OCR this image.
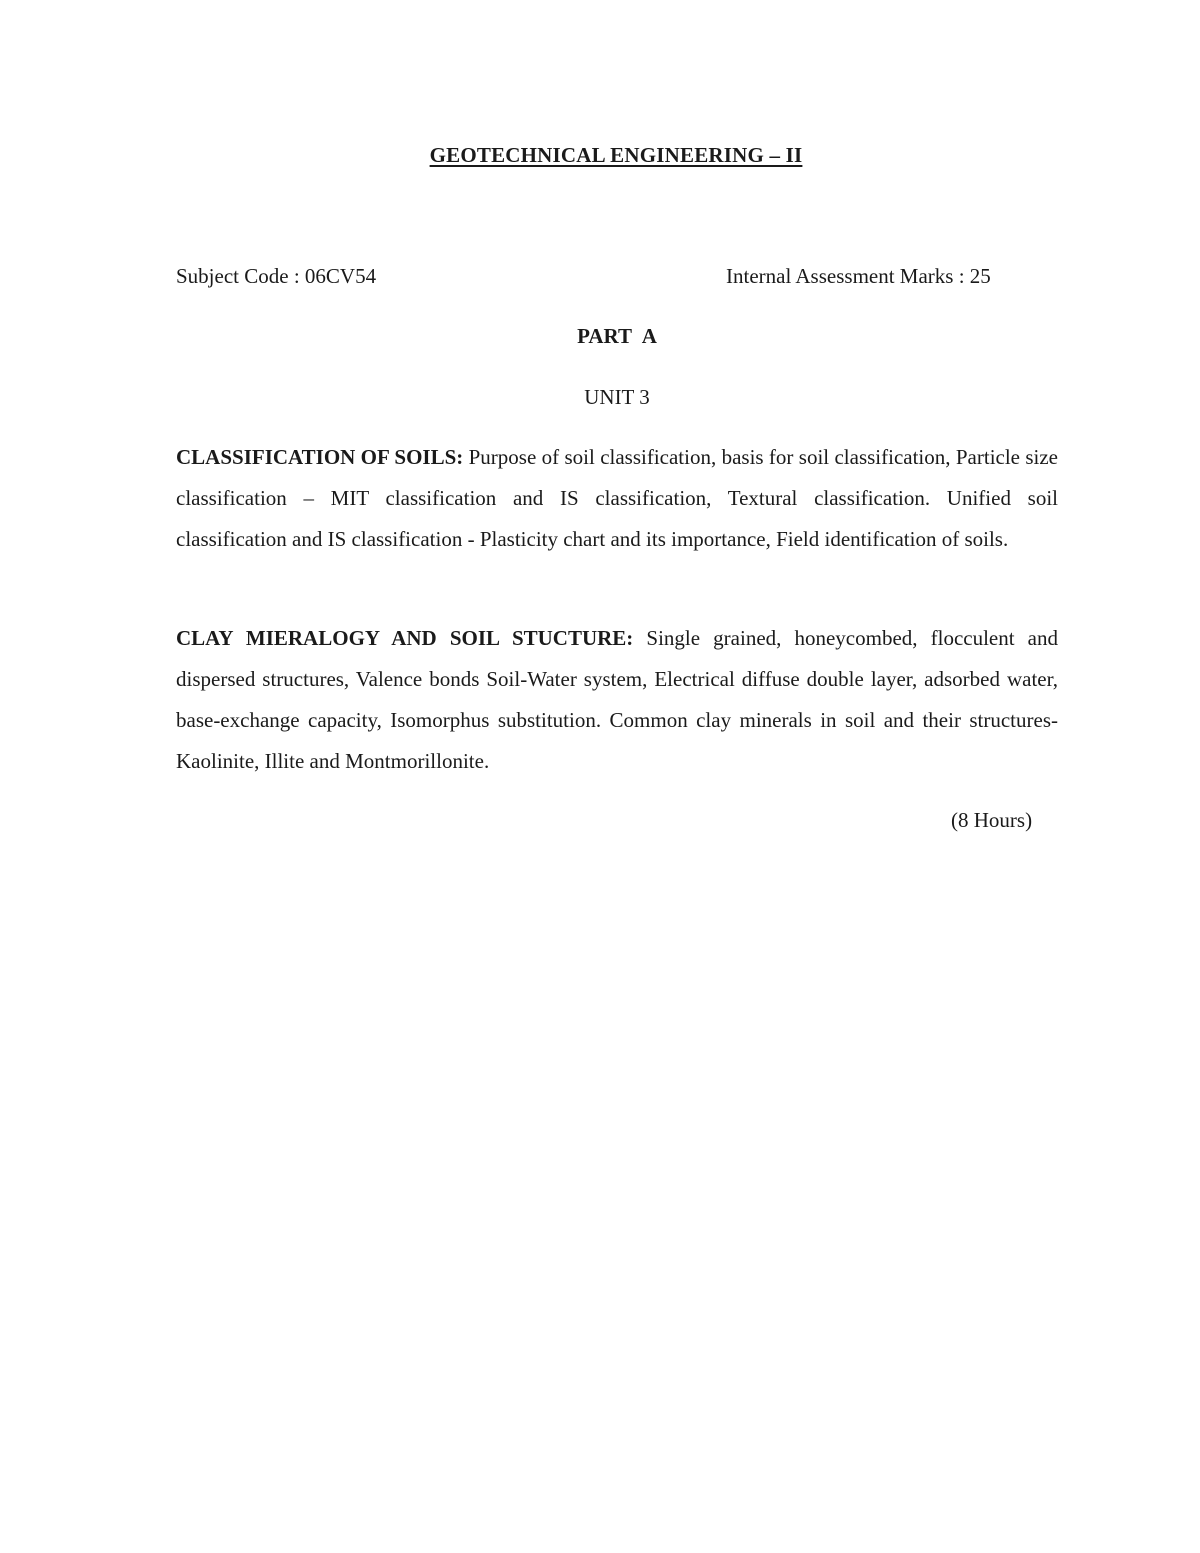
GEOTECHNICAL ENGINEERING – II
Subject Code : 06CV54	Internal Assessment Marks : 25
PART A
UNIT 3

CLASSIFICATION OF SOILS: Purpose of soil classification, basis for soil classification, Particle size classification – MIT classification and IS classification, Textural classification. Unified soil classification and IS classification - Plasticity chart and its importance, Field identification of soils.

CLAY MIERALOGY AND SOIL STUCTURE: Single grained, honeycombed, flocculent and dispersed structures, Valence bonds Soil-Water system, Electrical diffuse double layer, adsorbed water, base-exchange capacity, Isomorphus substitution. Common clay minerals in soil and their structures- Kaolinite, Illite and Montmorillonite.

(8 Hours)
